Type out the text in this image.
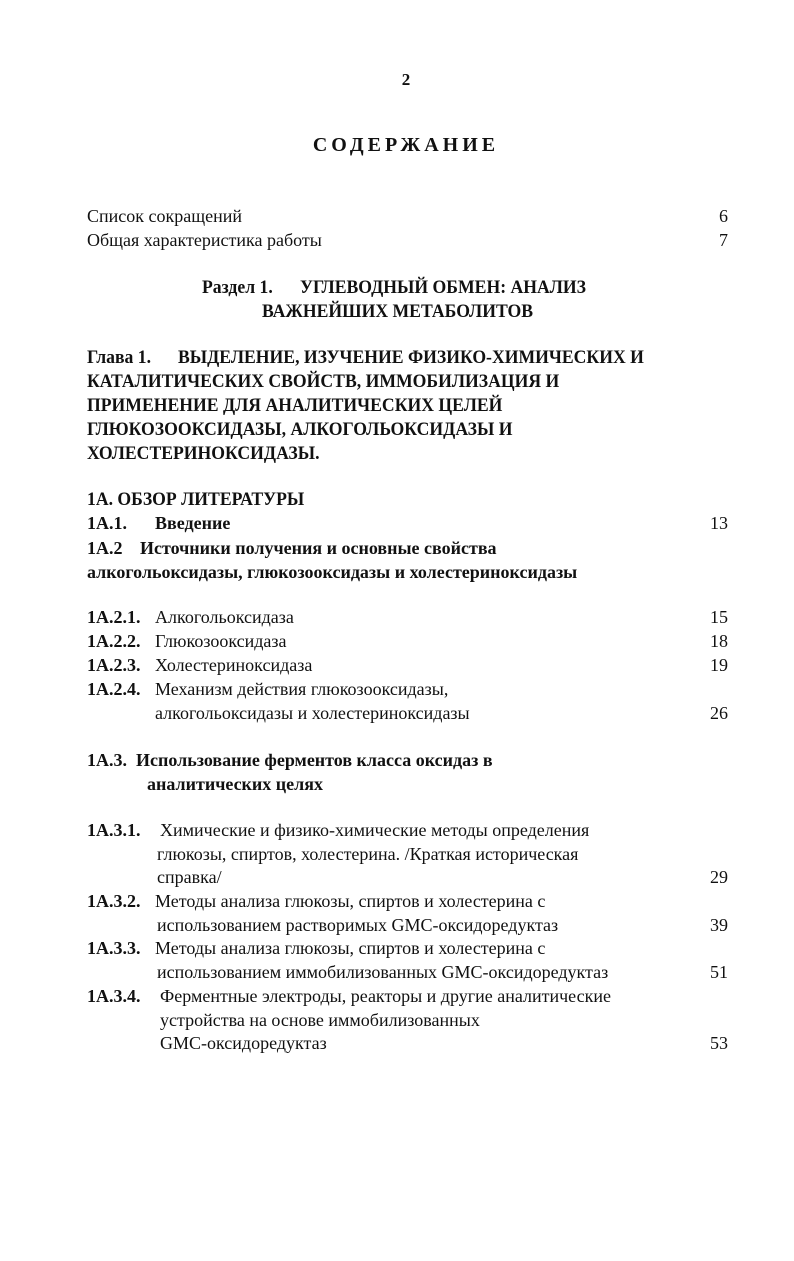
2
СОДЕРЖАНИЕ
Список сокращений	6
Общая характеристика работы	7
Раздел 1. УГЛЕВОДНЫЙ ОБМЕН: АНАЛИЗ
ВАЖНЕЙШИХ МЕТАБОЛИТОВ
Глава 1. ВЫДЕЛЕНИЕ, ИЗУЧЕНИЕ ФИЗИКО-ХИМИЧЕСКИХ И
КАТАЛИТИЧЕСКИХ СВОЙСТВ, ИММОБИЛИЗАЦИЯ И
ПРИМЕНЕНИЕ ДЛЯ АНАЛИТИЧЕСКИХ ЦЕЛЕЙ
ГЛЮКОЗООКСИДАЗЫ, АЛКОГОЛЬОКСИДАЗЫ И
ХОЛЕСТЕРИНОКСИДАЗЫ.
1А. ОБЗОР ЛИТЕРАТУРЫ
1А.1. Введение	13
1А.2 Источники получения и основные свойства
алкогольоксидазы, глюкозооксидазы и холестериноксидазы
1А.2.1. Алкогольоксидаза	15
1А.2.2. Глюкозооксидаза	18
1А.2.3. Холестериноксидаза	19
1А.2.4. Механизм действия глюкозооксидазы,
алкогольоксидазы и холестериноксидазы	26
1А.3. Использование ферментов класса оксидаз в
аналитических целях
1А.3.1. Химические и физико-химические методы определения
глюкозы, спиртов, холестерина. /Краткая историческая
справка/	29
1А.3.2. Методы анализа глюкозы, спиртов и холестерина с
использованием растворимых GMC-оксидоредуктаз	39
1А.3.3. Методы анализа глюкозы, спиртов и холестерина с
использованием иммобилизованных GMC-оксидоредуктаз	51
1А.3.4. Ферментные электроды, реакторы и другие аналитические
устройства на основе иммобилизованных
GMC-оксидоредуктаз	53
